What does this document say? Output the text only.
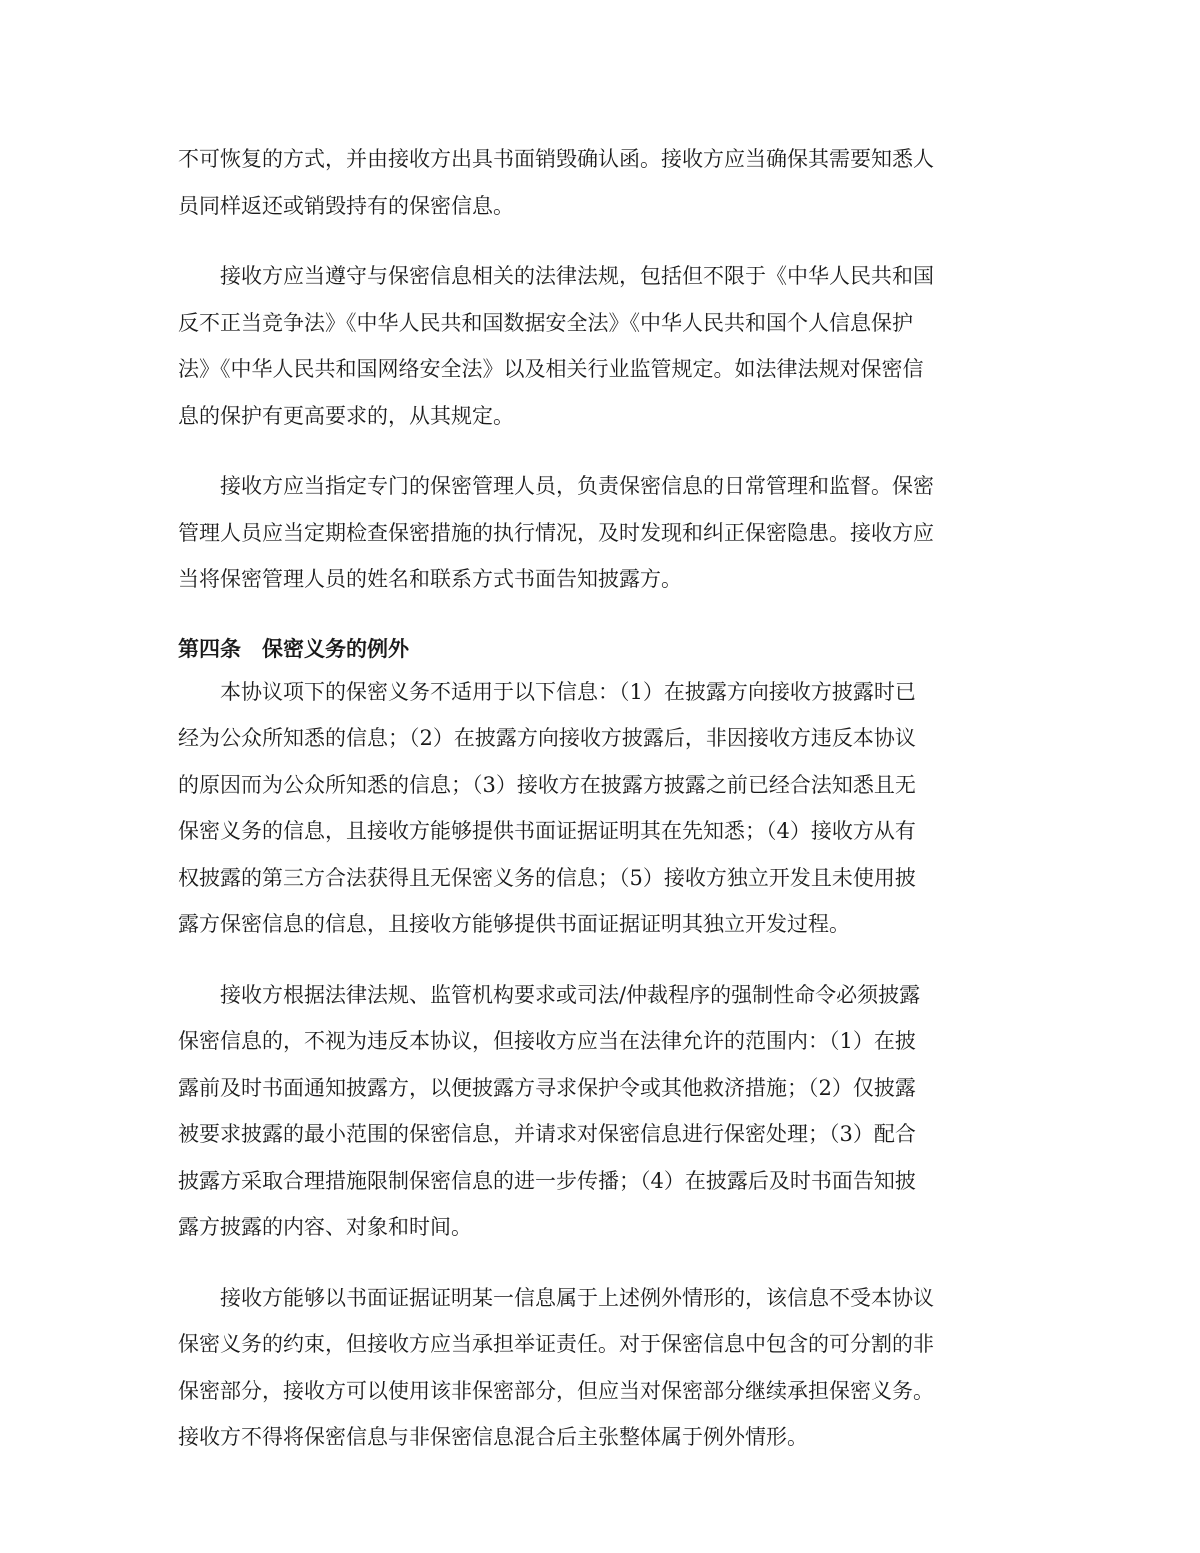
不可恢复的方式，并由接收方出具书面销毁确认函。接收方应当确保其需要知悉人
员同样返还或销毁持有的保密信息。

接收方应当遵守与保密信息相关的法律法规，包括但不限于《中华人民共和国
反不正当竞争法》《中华人民共和国数据安全法》《中华人民共和国个人信息保护
法》《中华人民共和国网络安全法》以及相关行业监管规定。如法律法规对保密信
息的保护有更高要求的，从其规定。

接收方应当指定专门的保密管理人员，负责保密信息的日常管理和监督。保密
管理人员应当定期检查保密措施的执行情况，及时发现和纠正保密隐患。接收方应
当将保密管理人员的姓名和联系方式书面告知披露方。

第四条　保密义务的例外

本协议项下的保密义务不适用于以下信息：（1）在披露方向接收方披露时已
经为公众所知悉的信息；（2）在披露方向接收方披露后，非因接收方违反本协议
的原因而为公众所知悉的信息；（3）接收方在披露方披露之前已经合法知悉且无
保密义务的信息，且接收方能够提供书面证据证明其在先知悉；（4）接收方从有
权披露的第三方合法获得且无保密义务的信息；（5）接收方独立开发且未使用披
露方保密信息的信息，且接收方能够提供书面证据证明其独立开发过程。

接收方根据法律法规、监管机构要求或司法/仲裁程序的强制性命令必须披露
保密信息的，不视为违反本协议，但接收方应当在法律允许的范围内：（1）在披
露前及时书面通知披露方，以便披露方寻求保护令或其他救济措施；（2）仅披露
被要求披露的最小范围的保密信息，并请求对保密信息进行保密处理；（3）配合
披露方采取合理措施限制保密信息的进一步传播；（4）在披露后及时书面告知披
露方披露的内容、对象和时间。

接收方能够以书面证据证明某一信息属于上述例外情形的，该信息不受本协议
保密义务的约束，但接收方应当承担举证责任。对于保密信息中包含的可分割的非
保密部分，接收方可以使用该非保密部分，但应当对保密部分继续承担保密义务。
接收方不得将保密信息与非保密信息混合后主张整体属于例外情形。
